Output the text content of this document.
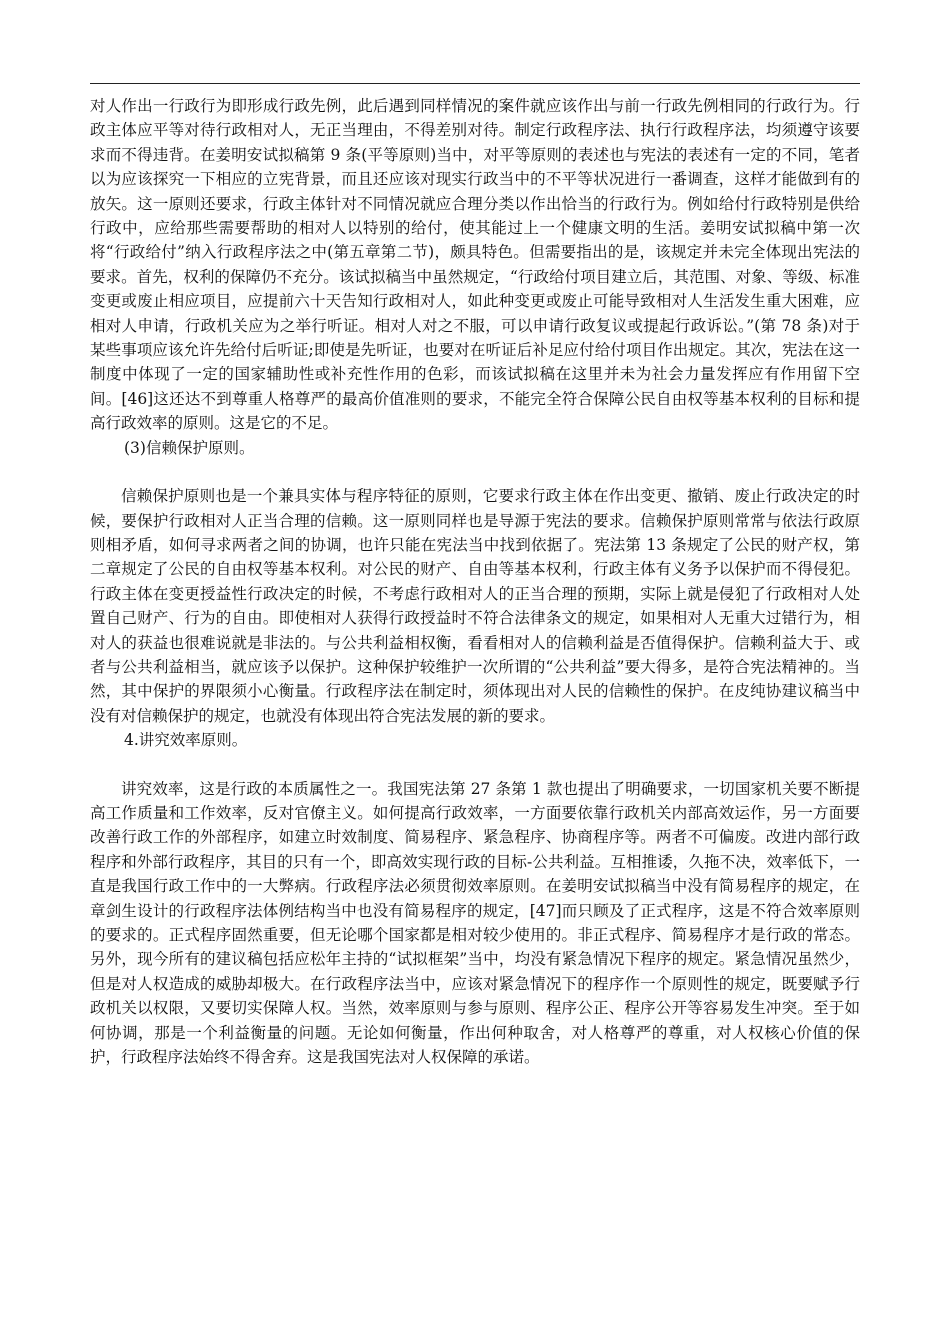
对人作出一行政行为即形成行政先例，此后遇到同样情况的案件就应该作出与前一行政先例相同的行政行为。行政主体应平等对待行政相对人，无正当理由，不得差别对待。制定行政程序法、执行行政程序法，均须遵守该要求而不得违背。在姜明安试拟稿第 9 条(平等原则)当中，对平等原则的表述也与宪法的表述有一定的不同，笔者以为应该探究一下相应的立宪背景，而且还应该对现实行政当中的不平等状况进行一番调查，这样才能做到有的放矢。这一原则还要求，行政主体针对不同情况就应合理分类以作出恰当的行政行为。例如给付行政特别是供给行政中，应给那些需要帮助的相对人以特别的给付，使其能过上一个健康文明的生活。姜明安试拟稿中第一次将“行政给付”纳入行政程序法之中(第五章第二节)，颇具特色。但需要指出的是，该规定并未完全体现出宪法的要求。首先，权利的保障仍不充分。该试拟稿当中虽然规定，“行政给付项目建立后，其范围、对象、等级、标准变更或废止相应项目，应提前六十天告知行政相对人，如此种变更或废止可能导致相对人生活发生重大困难，应相对人申请，行政机关应为之举行听证。相对人对之不服，可以申请行政复议或提起行政诉讼。”(第 78 条)对于某些事项应该允许先给付后听证;即使是先听证，也要对在听证后补足应付给付项目作出规定。其次，宪法在这一制度中体现了一定的国家辅助性或补充性作用的色彩，而该试拟稿在这里并未为社会力量发挥应有作用留下空间。[46]这还达不到尊重人格尊严的最高价值准则的要求，不能完全符合保障公民自由权等基本权利的目标和提高行政效率的原则。这是它的不足。

(3)信赖保护原则。

信赖保护原则也是一个兼具实体与程序特征的原则，它要求行政主体在作出变更、撤销、废止行政决定的时候，要保护行政相对人正当合理的信赖。这一原则同样也是导源于宪法的要求。信赖保护原则常常与依法行政原则相矛盾，如何寻求两者之间的协调，也许只能在宪法当中找到依据了。宪法第 13 条规定了公民的财产权，第二章规定了公民的自由权等基本权利。对公民的财产、自由等基本权利，行政主体有义务予以保护而不得侵犯。行政主体在变更授益性行政决定的时候，不考虑行政相对人的正当合理的预期，实际上就是侵犯了行政相对人处置自己财产、行为的自由。即使相对人获得行政授益时不符合法律条文的规定，如果相对人无重大过错行为，相对人的获益也很难说就是非法的。与公共利益相权衡，看看相对人的信赖利益是否值得保护。信赖利益大于、或者与公共利益相当，就应该予以保护。这种保护较维护一次所谓的“公共利益”要大得多，是符合宪法精神的。当然，其中保护的界限须小心衡量。行政程序法在制定时，须体现出对人民的信赖性的保护。在皮纯协建议稿当中没有对信赖保护的规定，也就没有体现出符合宪法发展的新的要求。

4.讲究效率原则。

讲究效率，这是行政的本质属性之一。我国宪法第 27 条第 1 款也提出了明确要求，一切国家机关要不断提高工作质量和工作效率，反对官僚主义。如何提高行政效率，一方面要依靠行政机关内部高效运作，另一方面要改善行政工作的外部程序，如建立时效制度、简易程序、紧急程序、协商程序等。两者不可偏废。改进内部行政程序和外部行政程序，其目的只有一个，即高效实现行政的目标-公共利益。互相推诿，久拖不决，效率低下，一直是我国行政工作中的一大弊病。行政程序法必须贯彻效率原则。在姜明安试拟稿当中没有简易程序的规定，在章剑生设计的行政程序法体例结构当中也没有简易程序的规定，[47]而只顾及了正式程序，这是不符合效率原则的要求的。正式程序固然重要，但无论哪个国家都是相对较少使用的。非正式程序、简易程序才是行政的常态。另外，现今所有的建议稿包括应松年主持的“试拟框架”当中，均没有紧急情况下程序的规定。紧急情况虽然少，但是对人权造成的威胁却极大。在行政程序法当中，应该对紧急情况下的程序作一个原则性的规定，既要赋予行政机关以权限，又要切实保障人权。当然，效率原则与参与原则、程序公正、程序公开等容易发生冲突。至于如何协调，那是一个利益衡量的问题。无论如何衡量，作出何种取舍，对人格尊严的尊重，对人权核心价值的保护，行政程序法始终不得舍弃。这是我国宪法对人权保障的承诺。
